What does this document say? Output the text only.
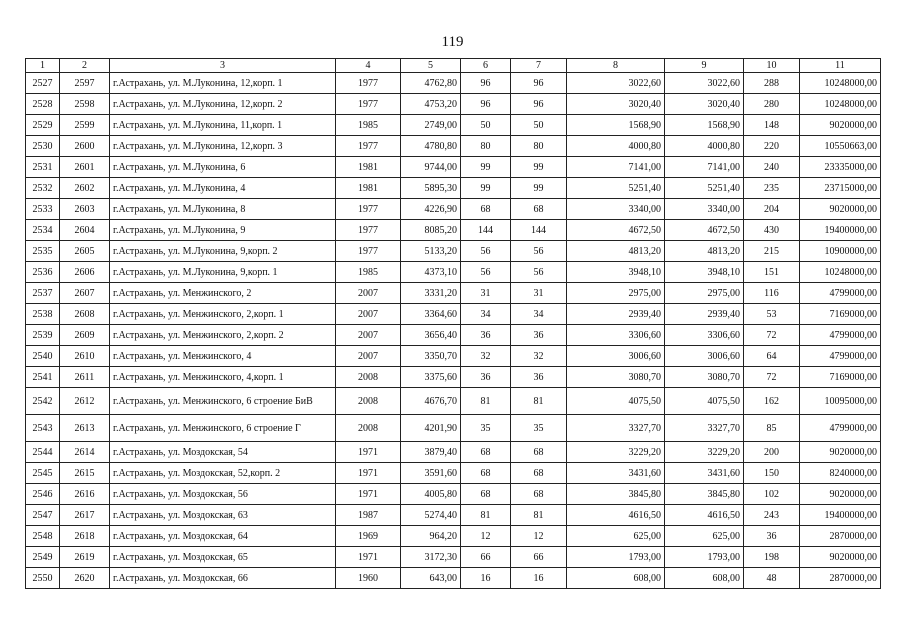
119
1	2	3	4	5	6	7	8	9	10	11
2527	2597	г.Астрахань, ул. М.Луконина, 12,корп. 1	1977	4762,80	96	96	3022,60	3022,60	288	10248000,00
2528	2598	г.Астрахань, ул. М.Луконина, 12,корп. 2	1977	4753,20	96	96	3020,40	3020,40	280	10248000,00
2529	2599	г.Астрахань, ул. М.Луконина, 11,корп. 1	1985	2749,00	50	50	1568,90	1568,90	148	9020000,00
2530	2600	г.Астрахань, ул. М.Луконина, 12,корп. 3	1977	4780,80	80	80	4000,80	4000,80	220	10550663,00
2531	2601	г.Астрахань, ул. М.Луконина, 6	1981	9744,00	99	99	7141,00	7141,00	240	23335000,00
2532	2602	г.Астрахань, ул. М.Луконина, 4	1981	5895,30	99	99	5251,40	5251,40	235	23715000,00
2533	2603	г.Астрахань, ул. М.Луконина, 8	1977	4226,90	68	68	3340,00	3340,00	204	9020000,00
2534	2604	г.Астрахань, ул. М.Луконина, 9	1977	8085,20	144	144	4672,50	4672,50	430	19400000,00
2535	2605	г.Астрахань, ул. М.Луконина, 9,корп. 2	1977	5133,20	56	56	4813,20	4813,20	215	10900000,00
2536	2606	г.Астрахань, ул. М.Луконина, 9,корп. 1	1985	4373,10	56	56	3948,10	3948,10	151	10248000,00
2537	2607	г.Астрахань, ул. Менжинского, 2	2007	3331,20	31	31	2975,00	2975,00	116	4799000,00
2538	2608	г.Астрахань, ул. Менжинского, 2,корп. 1	2007	3364,60	34	34	2939,40	2939,40	53	7169000,00
2539	2609	г.Астрахань, ул. Менжинского, 2,корп. 2	2007	3656,40	36	36	3306,60	3306,60	72	4799000,00
2540	2610	г.Астрахань, ул. Менжинского, 4	2007	3350,70	32	32	3006,60	3006,60	64	4799000,00
2541	2611	г.Астрахань, ул. Менжинского, 4,корп. 1	2008	3375,60	36	36	3080,70	3080,70	72	7169000,00
2542	2612	г.Астрахань, ул. Менжинского, 6 строение БиВ	2008	4676,70	81	81	4075,50	4075,50	162	10095000,00
2543	2613	г.Астрахань, ул. Менжинского, 6 строение Г	2008	4201,90	35	35	3327,70	3327,70	85	4799000,00
2544	2614	г.Астрахань, ул. Моздокская, 54	1971	3879,40	68	68	3229,20	3229,20	200	9020000,00
2545	2615	г.Астрахань, ул. Моздокская, 52,корп. 2	1971	3591,60	68	68	3431,60	3431,60	150	8240000,00
2546	2616	г.Астрахань, ул. Моздокская, 56	1971	4005,80	68	68	3845,80	3845,80	102	9020000,00
2547	2617	г.Астрахань, ул. Моздокская, 63	1987	5274,40	81	81	4616,50	4616,50	243	19400000,00
2548	2618	г.Астрахань, ул. Моздокская, 64	1969	964,20	12	12	625,00	625,00	36	2870000,00
2549	2619	г.Астрахань, ул. Моздокская, 65	1971	3172,30	66	66	1793,00	1793,00	198	9020000,00
2550	2620	г.Астрахань, ул. Моздокская, 66	1960	643,00	16	16	608,00	608,00	48	2870000,00
